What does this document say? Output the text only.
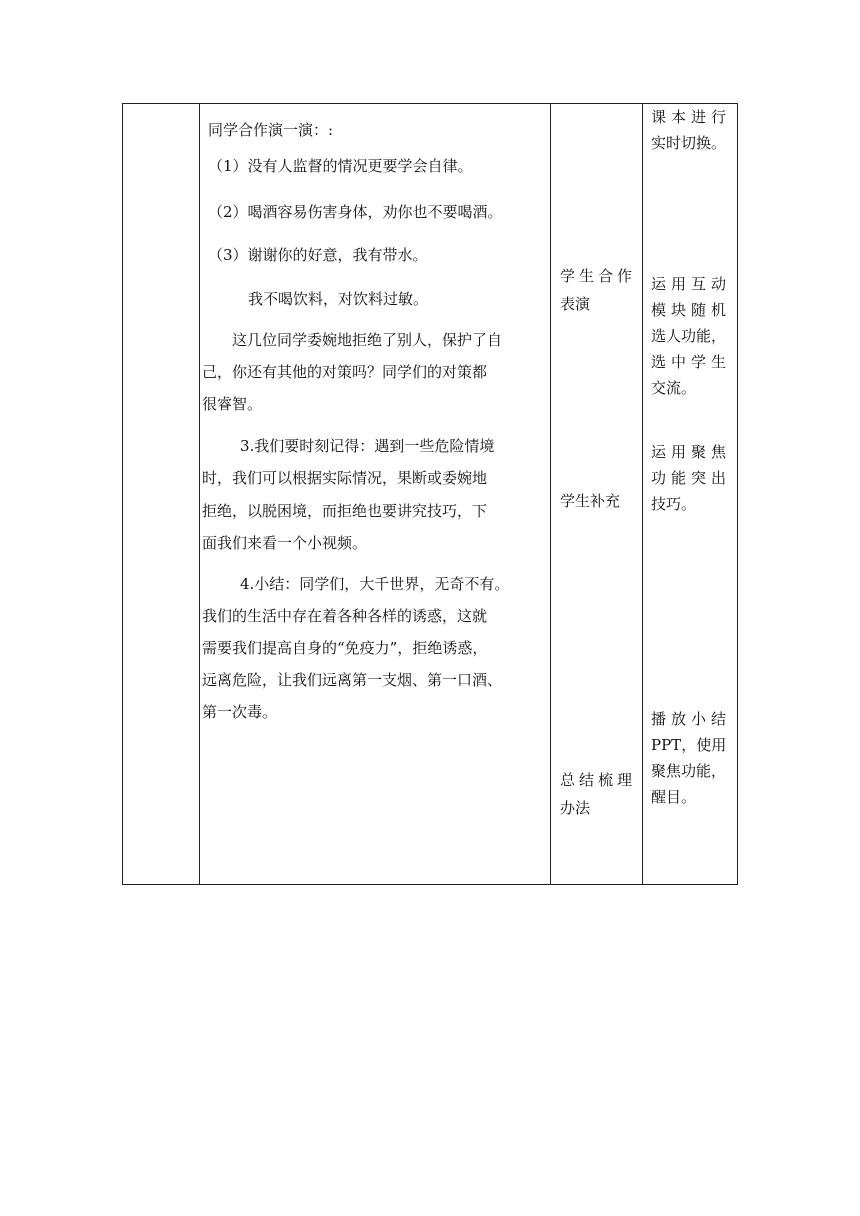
同学合作演一演：:
（1）没有人监督的情况更要学会自律。
（2）喝酒容易伤害身体，劝你也不要喝酒。
（3）谢谢你的好意，我有带水。
我不喝饮料，对饮料过敏。
这几位同学委婉地拒绝了别人，保护了自
己，你还有其他的对策吗？同学们的对策都
很睿智。
3.我们要时刻记得：遇到一些危险情境
时，我们可以根据实际情况，果断或委婉地
拒绝，以脱困境，而拒绝也要讲究技巧，下
面我们来看一个小视频。
4.小结：同学们，大千世界，无奇不有。
我们的生活中存在着各种各样的诱惑，这就
需要我们提高自身的“免疫力”，拒绝诱惑，
远离危险，让我们远离第一支烟、第一口酒、
第一次毒。
学生合作
表演
学生补充
总结梳理
办法
课本进行
实时切换。
运用互动
模块随机
选人功能，
选中学生
交流。
运用聚焦
功能突出
技巧。
播放小结
PPT，使用
聚焦功能，
醒目。
